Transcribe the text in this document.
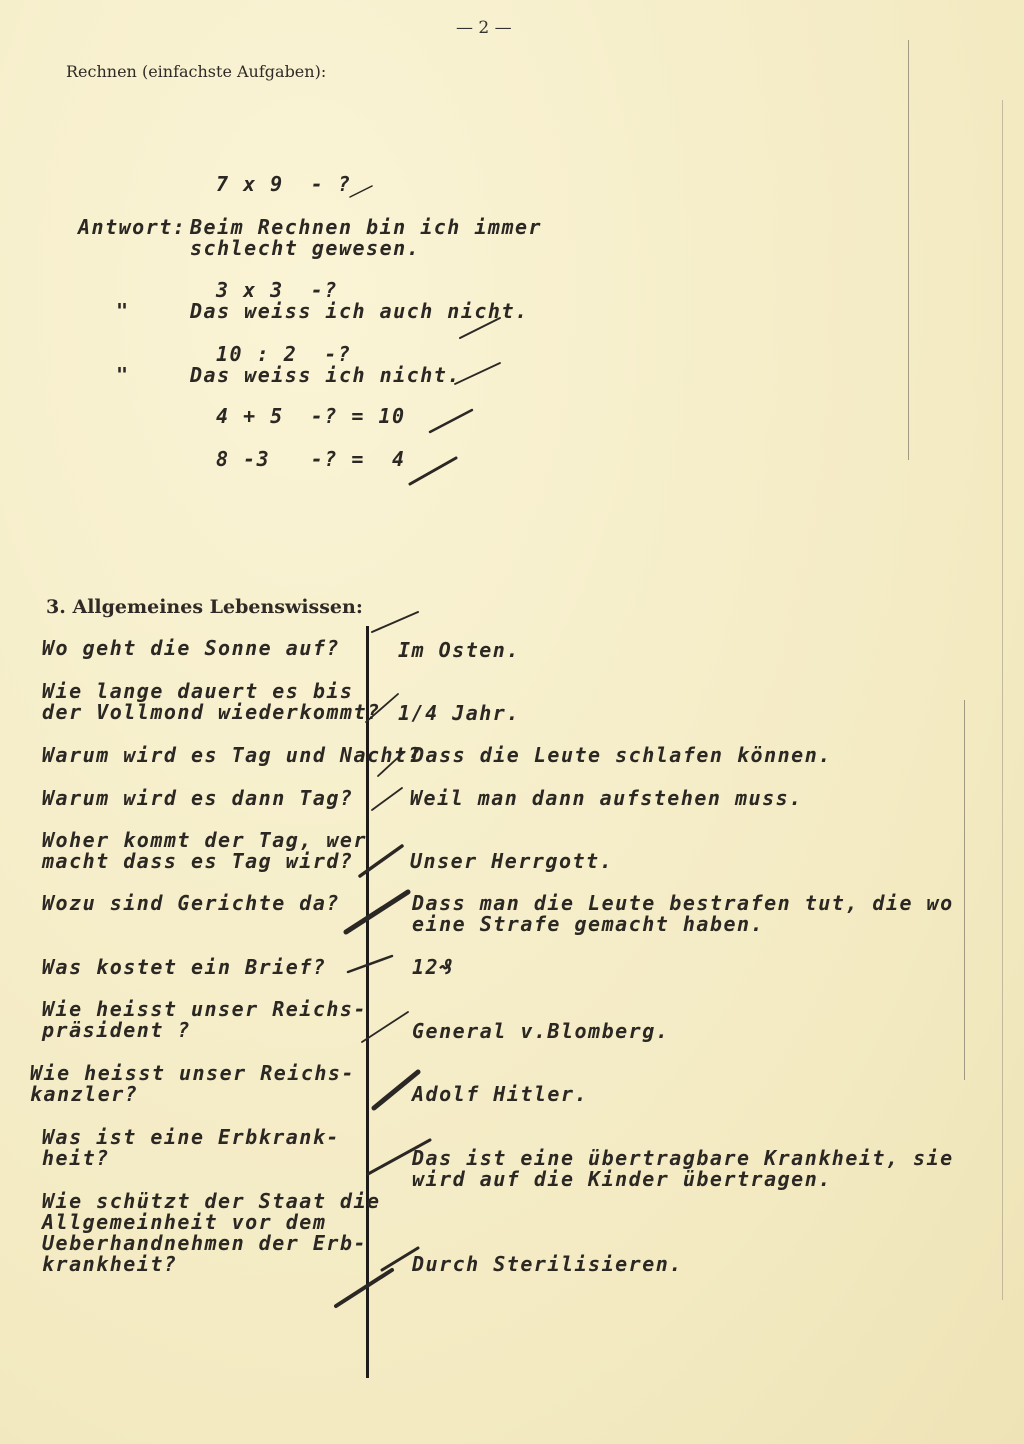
— 2 —
Rechnen (einfachste Aufgaben):
7 x 9  - ?
Antwort: Beim Rechnen bin ich immer
schlecht gewesen.
3 x 3  -?
"	Das weiss ich auch nicht.
10 : 2  -?
"	Das weiss ich nicht.
4 + 5  -? = 10
8 -3   -? =  4
3. Allgemeines Lebenswissen:
Wo geht die Sonne auf?
Wie lange dauert es bis
der Vollmond wiederkommt?
Warum wird es Tag und Nacht?
Warum wird es dann Tag?
Woher kommt der Tag, wer
macht dass es Tag wird?
Wozu sind Gerichte da?
Was kostet ein Brief?
Wie heisst unser Reichs-
präsident ?
Wie heisst unser Reichs-
kanzler?
Was ist eine Erbkrank-
heit?
Wie schützt der Staat die
Allgemeinheit vor dem
Ueberhandnehmen der Erb-
krankheit?
Im Osten.
1/4 Jahr.
Dass die Leute schlafen können.
Weil man dann aufstehen muss.
Unser Herrgott.
Dass man die Leute bestrafen tut, die wo
eine Strafe gemacht haben.
12₰
General v.Blomberg.
Adolf Hitler.
Das ist eine übertragbare Krankheit, sie
wird auf die Kinder übertragen.
Durch Sterilisieren.
